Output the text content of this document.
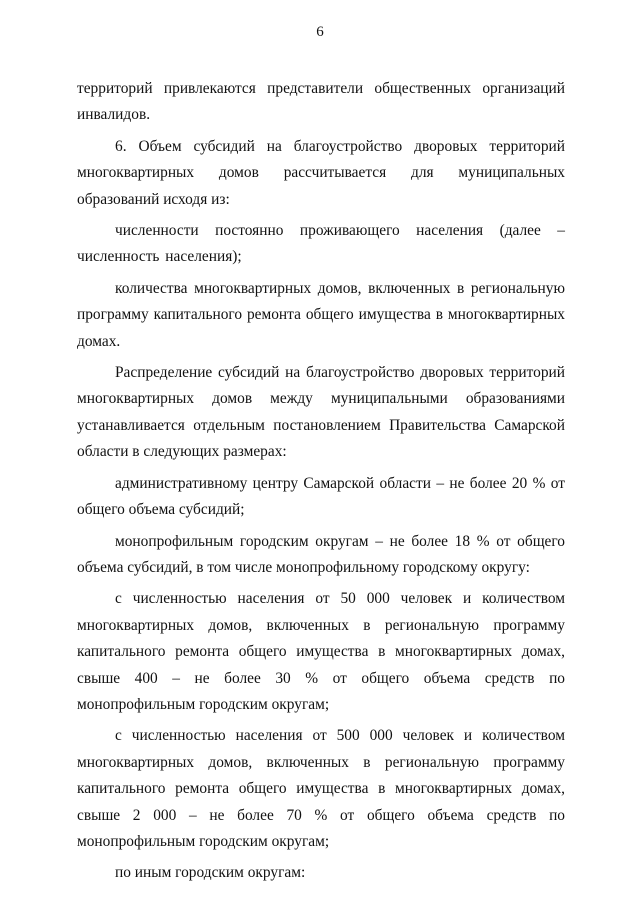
6

территорий привлекаются представители общественных организаций инвалидов.

6. Объем субсидий на благоустройство дворовых территорий многоквартирных домов рассчитывается для муниципальных образований исходя из:

численности постоянно проживающего населения (далее – численность населения);

количества многоквартирных домов, включенных в региональную программу капитального ремонта общего имущества в многоквартирных домах.

Распределение субсидий на благоустройство дворовых территорий многоквартирных домов между муниципальными образованиями устанавливается отдельным постановлением Правительства Самарской области в следующих размерах:

административному центру Самарской области – не более 20 % от общего объема субсидий;

монопрофильным городским округам – не более 18 % от общего объема субсидий, в том числе монопрофильному городскому округу:

с численностью населения от 50 000 человек и количеством многоквартирных домов, включенных в региональную программу капитального ремонта общего имущества в многоквартирных домах, свыше 400 – не более 30 % от общего объема средств по монопрофильным городским округам;

с численностью населения от 500 000 человек и количеством многоквартирных домов, включенных в региональную программу капитального ремонта общего имущества в многоквартирных домах, свыше 2 000 – не более 70 % от общего объема средств по монопрофильным городским округам;

по иным городским округам:
